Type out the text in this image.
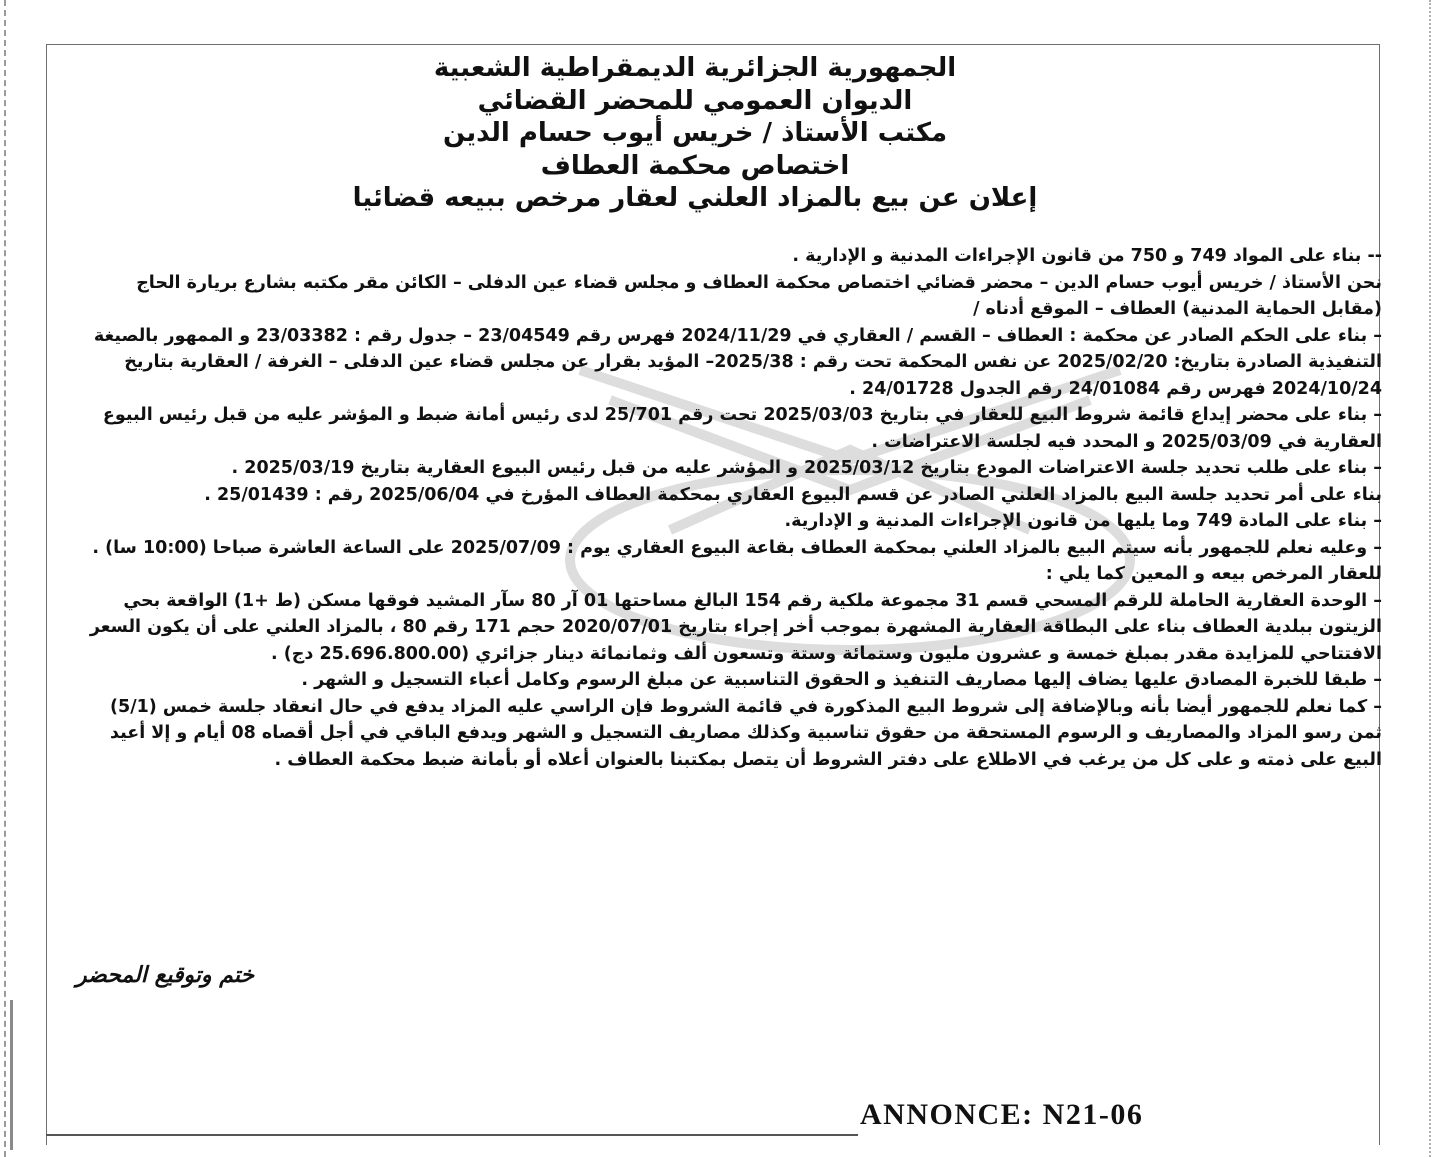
الجمهورية الجزائرية الديمقراطية الشعبية
الديوان العمومي للمحضر القضائي
مكتب الأستاذ / خريس أيوب حسام الدين
اختصاص محكمة العطاف
إعلان عن بيع بالمزاد العلني لعقار مرخص ببيعه قضائيا

-- بناء على المواد 749 و 750 من قانون الإجراءات المدنية و الإدارية .

نحن الأستاذ / خريس أيوب حسام الدين – محضر قضائي اختصاص محكمة العطاف و مجلس قضاء عين الدفلى – الكائن مقر مكتبه بشارع بريارة الحاج (مقابل الحماية المدنية) العطاف – الموقع أدناه /

– بناء على الحكم الصادر عن محكمة : العطاف – القسم / العقاري في 2024/11/29 فهرس رقم 23/04549 – جدول رقم : 23/03382 و الممهور بالصيغة التنفيذية الصادرة بتاريخ: 2025/02/20 عن نفس المحكمة تحت رقم : 2025/38– المؤيد بقرار عن مجلس قضاء عين الدفلى – الغرفة / العقارية بتاريخ 2024/10/24 فهرس رقم 24/01084 رقم الجدول 24/01728 .

– بناء على محضر إيداع قائمة شروط البيع للعقار في بتاريخ 2025/03/03 تحت رقم 25/701 لدى رئيس أمانة ضبط و المؤشر عليه من قبل رئيس البيوع العقارية في 2025/03/09 و المحدد فيه لجلسة الاعتراضات .

– بناء على طلب تحديد جلسة الاعتراضات المودع بتاريخ 2025/03/12 و المؤشر عليه من قبل رئيس البيوع العقارية بتاريخ 2025/03/19 .

بناء على أمر تحديد جلسة البيع بالمزاد العلني الصادر عن قسم البيوع العقاري بمحكمة العطاف المؤرخ في 2025/06/04 رقم : 25/01439 .

– بناء على المادة 749 وما يليها من قانون الإجراءات المدنية و الإدارية.

– وعليه نعلم للجمهور بأنه سيتم البيع بالمزاد العلني بمحكمة العطاف بقاعة البيوع العقاري يوم : 2025/07/09 على الساعة العاشرة صباحا (10:00 سا) .

للعقار المرخص بيعه و المعين كما يلي :

– الوحدة العقارية الحاملة للرقم المسحي قسم 31 مجموعة ملكية رقم 154 البالغ مساحتها 01 آر 80 سآر المشيد فوقها مسكن (ط +1) الواقعة بحي الزيتون ببلدية العطاف بناء على البطاقة العقارية المشهرة بموجب أخر إجراء بتاريخ 2020/07/01 حجم 171 رقم 80 ، بالمزاد العلني على أن يكون السعر الافتتاحي للمزايدة مقدر بمبلغ خمسة و عشرون مليون وستمائة وستة وتسعون ألف وثمانمائة دينار جزائري (25.696.800.00 دج) .

– طبقا للخبرة المصادق عليها يضاف إليها مصاريف التنفيذ و الحقوق التناسبية عن مبلغ الرسوم وكامل أعباء التسجيل و الشهر .

– كما نعلم للجمهور أيضا بأنه وبالإضافة إلى شروط البيع المذكورة في قائمة الشروط فإن الراسي عليه المزاد يدفع في حال انعقاد جلسة خمس (5/1) ثمن رسو المزاد والمصاريف و الرسوم المستحقة من حقوق تناسبية وكذلك مصاريف التسجيل و الشهر ويدفع الباقي في أجل أقصاه 08 أيام و إلا أعيد البيع على ذمته و على كل من يرغب في الاطلاع على دفتر الشروط أن يتصل بمكتبنا بالعنوان أعلاه أو بأمانة ضبط محكمة العطاف .

ختم وتوقيع المحضر
ANNONCE: N21-06
